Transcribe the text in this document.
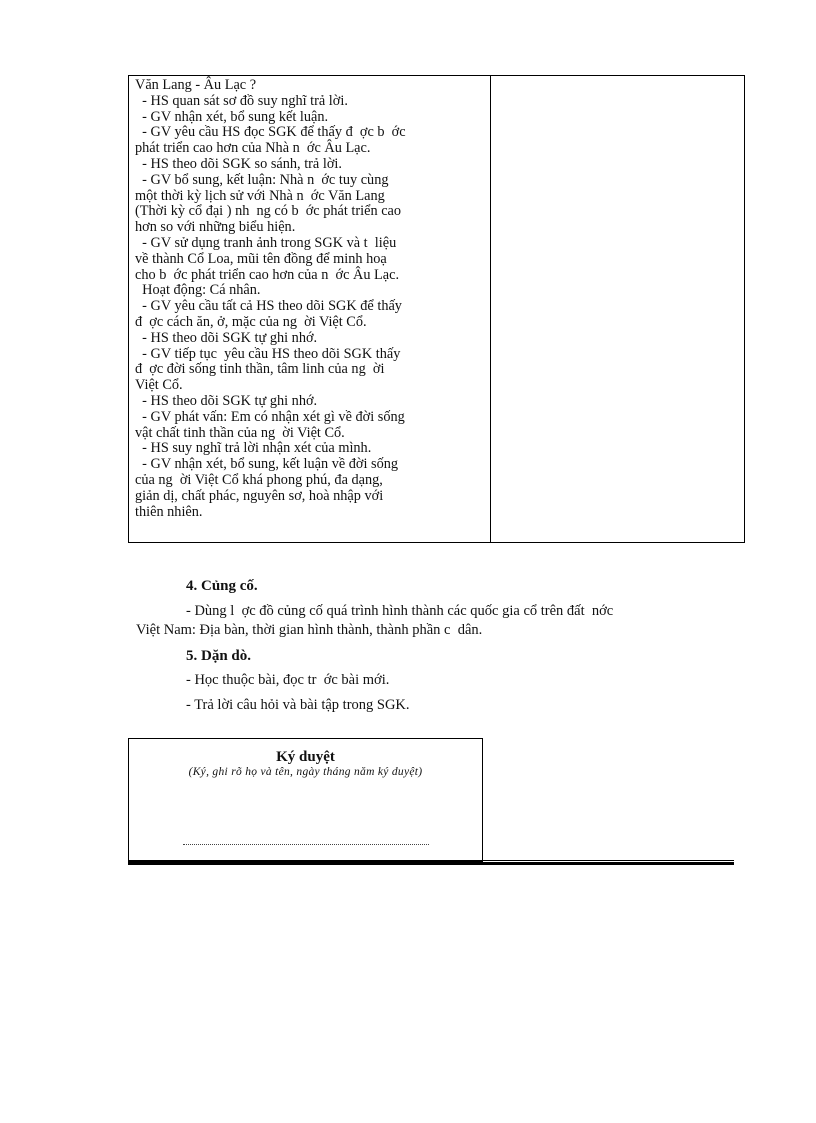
Văn Lang - Âu Lạc ?
- HS quan sát sơ đồ suy nghĩ trả lời.
- GV nhận xét, bổ sung kết luận.
- GV yêu cầu HS đọc SGK để thấy đ  ợc b  ớc
phát triển cao hơn của Nhà n  ớc Âu Lạc.
- HS theo dõi SGK so sánh, trả lời.
- GV bổ sung, kết luận: Nhà n  ớc tuy cùng
một thời kỳ lịch sử với Nhà n  ớc Văn Lang
(Thời kỳ cổ đại ) nh  ng có b  ớc phát triển cao
hơn so với những biểu hiện.
- GV sử dụng tranh ảnh trong SGK và t  liệu
về thành Cổ Loa, mũi tên đồng để minh hoạ
cho b  ớc phát triển cao hơn của n  ớc Âu Lạc.
Hoạt động: Cá nhân.
- GV yêu cầu tất cả HS theo dõi SGK để thấy
đ  ợc cách ăn, ở, mặc của ng  ời Việt Cổ.
- HS theo dõi SGK tự ghi nhớ.
- GV tiếp tục  yêu cầu HS theo dõi SGK thấy
đ  ợc đời sống tinh thần, tâm linh của ng  ời
Việt Cổ.
- HS theo dõi SGK tự ghi nhớ.
- GV phát vấn: Em có nhận xét gì về đời sống
vật chất tinh thần của ng  ời Việt Cổ.
- HS suy nghĩ trả lời nhận xét của mình.
- GV nhận xét, bổ sung, kết luận về đời sống
của ng  ời Việt Cổ khá phong phú, đa dạng,
giản dị, chất phác, nguyên sơ, hoà nhập với
thiên nhiên.
4. Củng cố.
- Dùng l  ợc đồ củng cố quá trình hình thành các quốc gia cổ trên đất  nớc
Việt Nam: Địa bàn, thời gian hình thành, thành phần c  dân.
5. Dặn dò.
- Học thuộc bài, đọc tr  ớc bài mới.
- Trả lời câu hỏi và bài tập trong SGK.
Ký duyệt
(Ký, ghi rõ họ và tên, ngày tháng năm ký duyệt)
